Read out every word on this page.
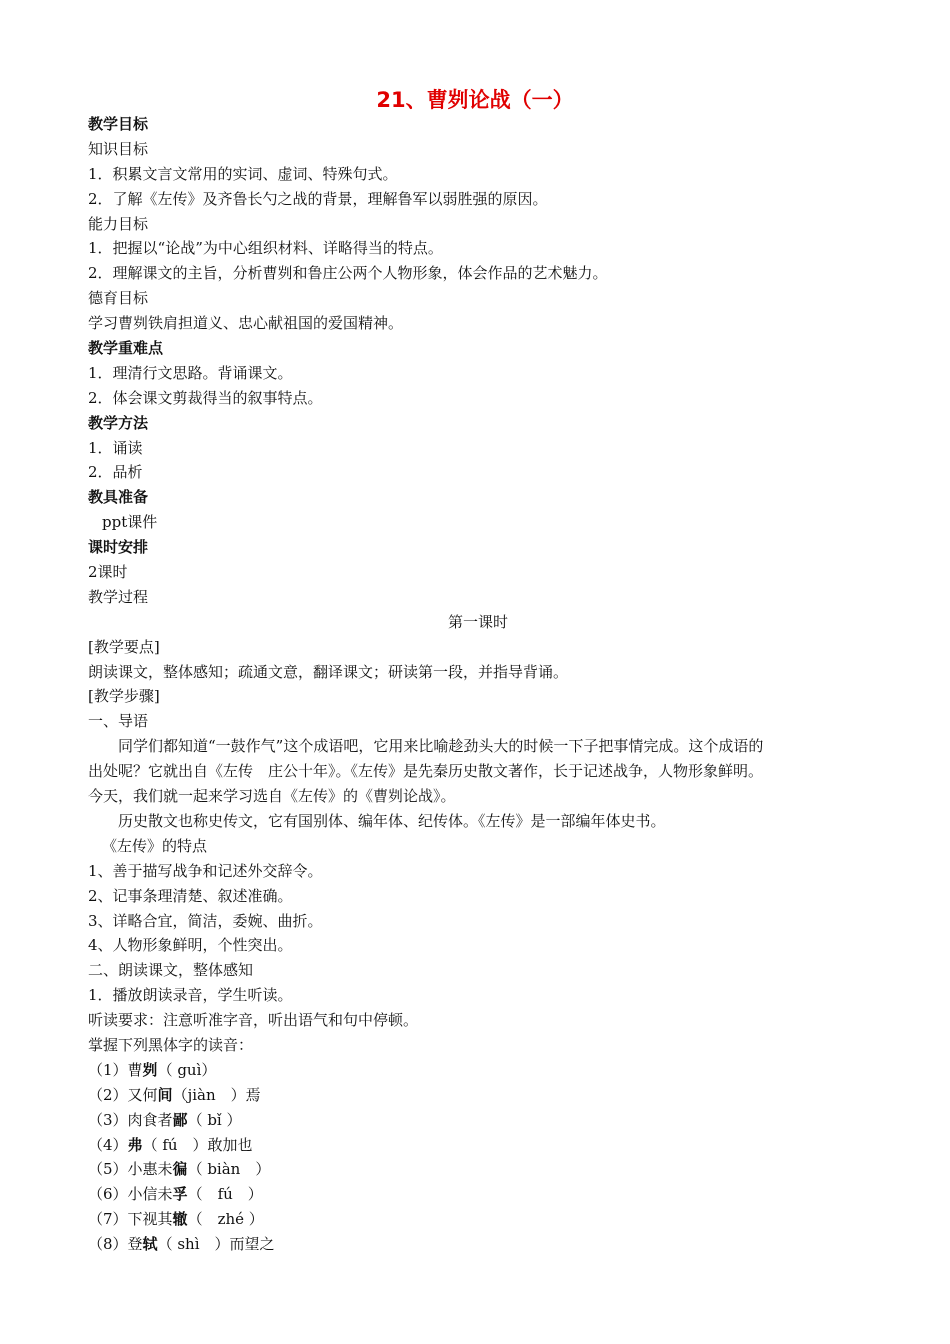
21、曹刿论战（一）
教学目标
知识目标
1．积累文言文常用的实词、虚词、特殊句式。
2．了解《左传》及齐鲁长勺之战的背景，理解鲁军以弱胜强的原因。
能力目标
1．把握以“论战”为中心组织材料、详略得当的特点。
2．理解课文的主旨，分析曹刿和鲁庄公两个人物形象，体会作品的艺术魅力。
德育目标
学习曹刿铁肩担道义、忠心献祖国的爱国精神。
教学重难点
1．理清行文思路。背诵课文。
2．体会课文剪裁得当的叙事特点。
教学方法
1．诵读
2．品析
教具准备
ppt课件
课时安排
2课时
教学过程
第一课时
[教学要点]
朗读课文，整体感知；疏通文意，翻译课文；研读第一段，并指导背诵。
[教学步骤]
一、导语
同学们都知道“一鼓作气”这个成语吧，它用来比喻趁劲头大的时候一下子把事情完成。这个成语的
出处呢？它就出自《左传　庄公十年》。《左传》是先秦历史散文著作，长于记述战争，人物形象鲜明。
今天，我们就一起来学习选自《左传》的《曹刿论战》。
历史散文也称史传文，它有国别体、编年体、纪传体。《左传》是一部编年体史书。
《左传》的特点
1、善于描写战争和记述外交辞令。
2、记事条理清楚、叙述准确。
3、详略合宜，简洁，委婉、曲折。
4、人物形象鲜明，个性突出。
二、朗读课文，整体感知
1．播放朗读录音，学生听读。
听读要求：注意听准字音，听出语气和句中停顿。
掌握下列黑体字的读音：
（1）曹刿（ guì）
（2）又何间（jiàn　）焉
（3）肉食者鄙（ bǐ ）
（4）弗（ fú　）敢加也
（5）小惠未徧（ biàn　）
（6）小信未孚（　fú　）
（7）下视其辙（　zhé ）
（8）登轼（ shì　）而望之
